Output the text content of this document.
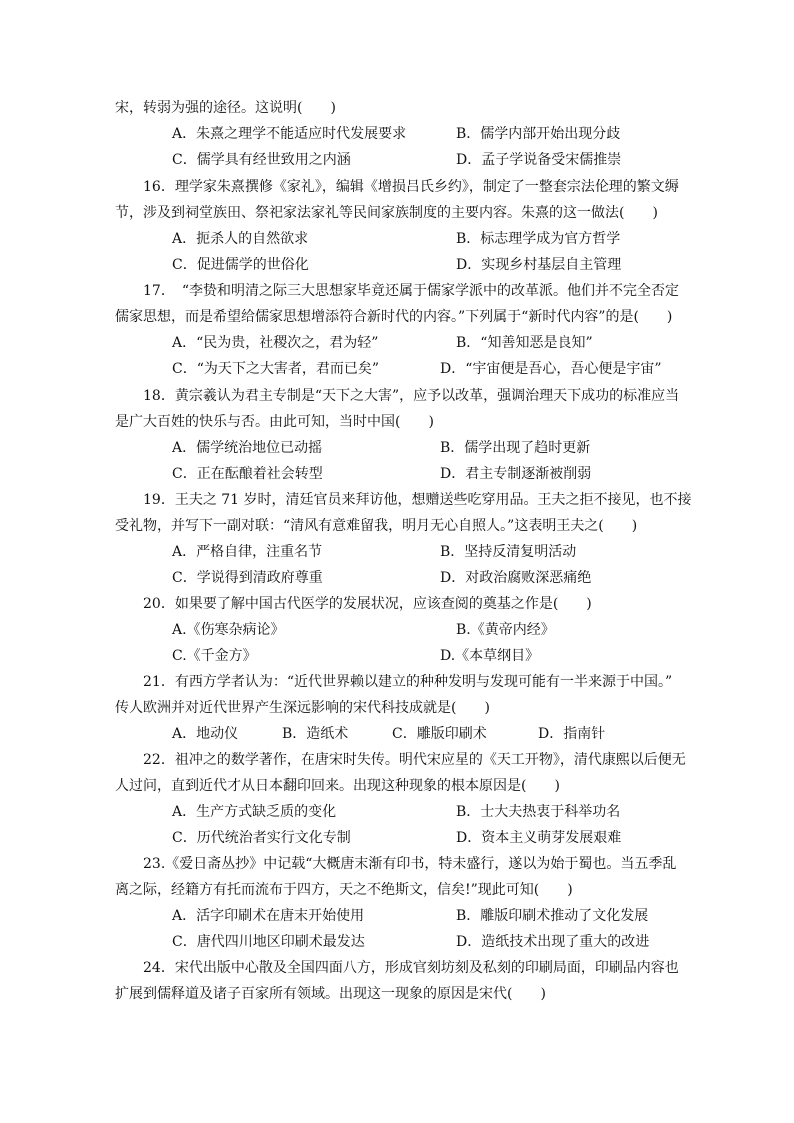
宋，转弱为强的途径。这说明(　　)
A．朱熹之理学不能适应时代发展要求	B．儒学内部开始出现分歧
C．儒学具有经世致用之内涵	D．孟子学说备受宋儒推崇
16．理学家朱熹撰修《家礼》，编辑《增损吕氏乡约》，制定了一整套宗法伦理的繁文缛
节，涉及到祠堂族田、祭祀家法家礼等民间家族制度的主要内容。朱熹的这一做法(　　)
A．扼杀人的自然欲求	B．标志理学成为官方哲学
C．促进儒学的世俗化	D．实现乡村基层自主管理
17．　“李贽和明清之际三大思想家毕竟还属于儒家学派中的改革派。他们并不完全否定
儒家思想，而是希望给儒家思想增添符合新时代的内容。”下列属于“新时代内容”的是(　　)
A．“民为贵，社稷次之，君为轻”	B．“知善知恶是良知”
C．“为天下之大害者，君而已矣”	D．“宇宙便是吾心，吾心便是宇宙”
18．黄宗羲认为君主专制是“天下之大害”，应予以改革，强调治理天下成功的标准应当
是广大百姓的快乐与否。由此可知，当时中国(　　)
A．儒学统治地位已动摇	B．儒学出现了趋时更新
C．正在酝酿着社会转型	D．君主专制逐渐被削弱
19．王夫之 71 岁时，清廷官员来拜访他，想赠送些吃穿用品。王夫之拒不接见，也不接
受礼物，并写下一副对联：“清风有意难留我，明月无心自照人。”这表明王夫之(　　)
A．严格自律，注重名节	B．坚持反清复明活动
C．学说得到清政府尊重	D．对政治腐败深恶痛绝
20．如果要了解中国古代医学的发展状况，应该查阅的奠基之作是(　　)
A.《伤寒杂病论》	B.《黄帝内经》
C.《千金方》	D.《本草纲目》
21．有西方学者认为：“近代世界赖以建立的种种发明与发现可能有一半来源于中国。”
传人欧洲并对近代世界产生深远影响的宋代科技成就是(　　)
A．地动仪	B．造纸术	C．雕版印刷术	D．指南针
22．祖冲之的数学著作，在唐宋时失传。明代宋应星的《天工开物》，清代康熙以后便无
人过问，直到近代才从日本翻印回来。出现这种现象的根本原因是(　　)
A．生产方式缺乏质的变化	B．士大夫热衷于科举功名
C．历代统治者实行文化专制	D．资本主义萌芽发展艰难
23.《爱日斋丛抄》中记载“大概唐末渐有印书，特未盛行，遂以为始于蜀也。当五季乱
离之际，经籍方有托而流布于四方，天之不绝斯文，信矣!”现此可知(　　)
A．活字印刷术在唐末开始使用	B．雕版印刷术推动了文化发展
C．唐代四川地区印刷术最发达	D．造纸技术出现了重大的改进
24．宋代出版中心散及全国四面八方，形成官刻坊刻及私刻的印刷局面，印刷品内容也
扩展到儒释道及诸子百家所有领域。出现这一现象的原因是宋代(　　)
